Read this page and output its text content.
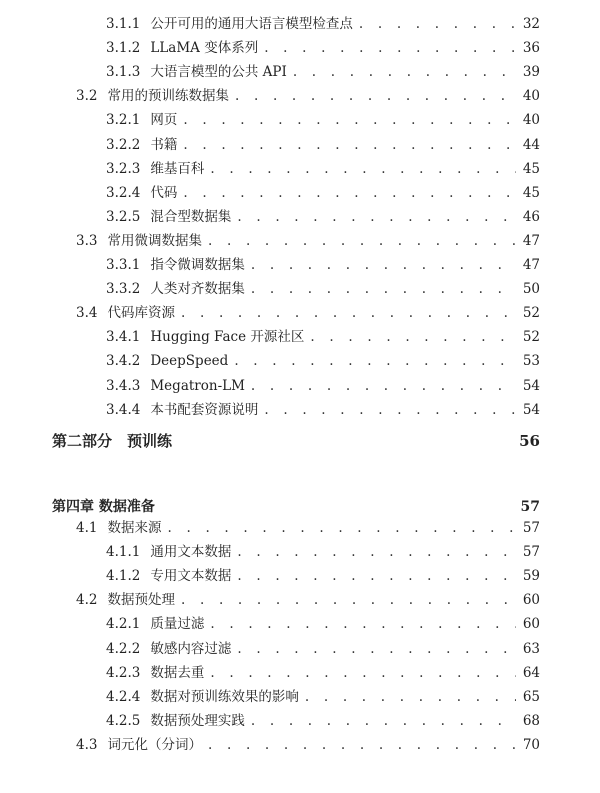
3.1.1 公开可用的通用大语言模型检查点 . . .	32
3.1.2 LLaMA 变体系列 . . .	36
3.1.3 大语言模型的公共 API . . .	39
3.2 常用的预训练数据集 . . .	40
3.2.1 网页 . . .	40
3.2.2 书籍 . . .	44
3.2.3 维基百科 . . .	45
3.2.4 代码 . . .	45
3.2.5 混合型数据集 . . .	46
3.3 常用微调数据集 . . .	47
3.3.1 指令微调数据集 . . .	47
3.3.2 人类对齐数据集 . . .	50
3.4 代码库资源 . . .	52
3.4.1 Hugging Face 开源社区 . . .	52
3.4.2 DeepSpeed . . .	53
3.4.3 Megatron-LM . . .	54
3.4.4 本书配套资源说明 . . .	54
第二部分　预训练	56
第四章 数据准备	57
4.1 数据来源 . . .	57
4.1.1 通用文本数据 . . .	57
4.1.2 专用文本数据 . . .	59
4.2 数据预处理 . . .	60
4.2.1 质量过滤 . . .	60
4.2.2 敏感内容过滤 . . .	63
4.2.3 数据去重 . . .	64
4.2.4 数据对预训练效果的影响 . . .	65
4.2.5 数据预处理实践 . . .	68
4.3 词元化（分词） . . .	70
